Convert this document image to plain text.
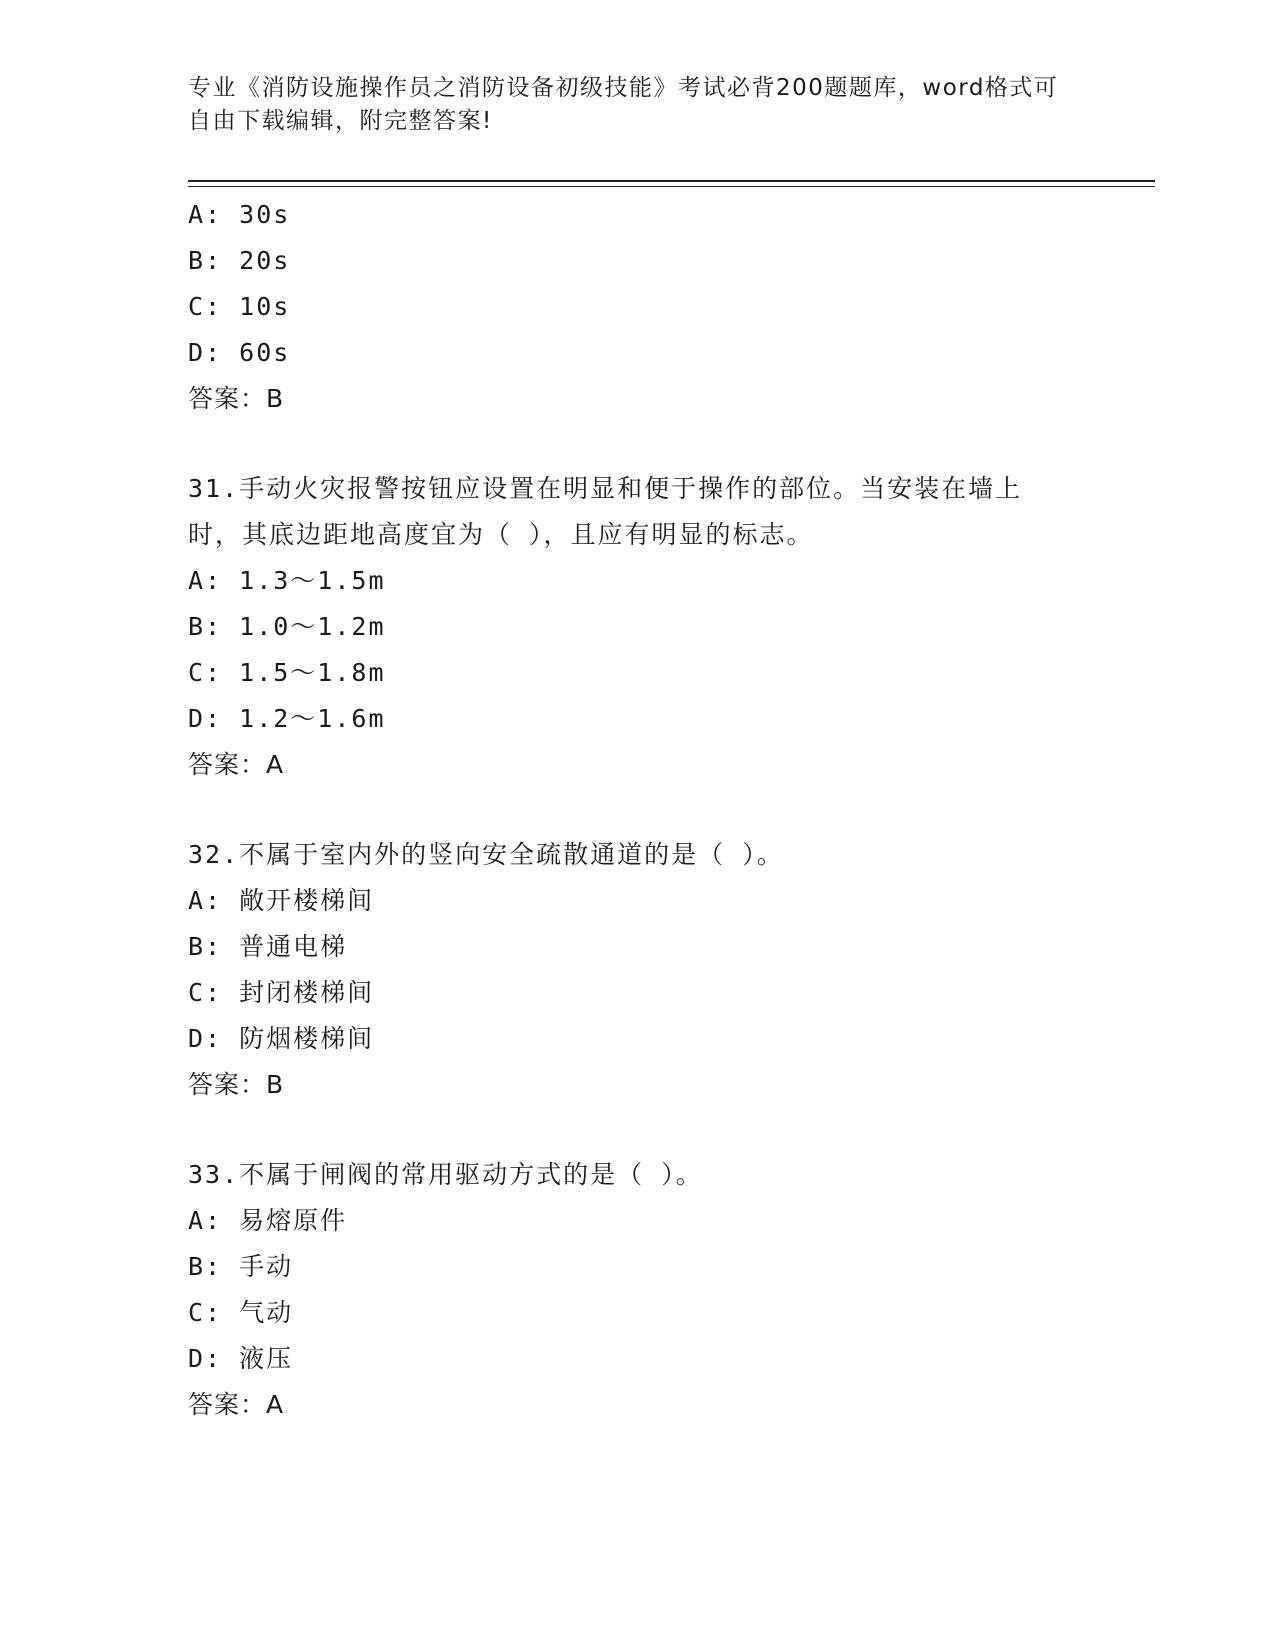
专业《消防设施操作员之消防设备初级技能》考试必背200题题库，word格式可
自由下载编辑，附完整答案!
A: 30s
B: 20s
C: 10s
D: 60s
答案：B
31.手动火灾报警按钮应设置在明显和便于操作的部位。当安装在墙上
时，其底边距地高度宜为（ ），且应有明显的标志。
A: 1.3～1.5m
B: 1.0～1.2m
C: 1.5～1.8m
D: 1.2～1.6m
答案：A
32.不属于室内外的竖向安全疏散通道的是（ ）。
A: 敞开楼梯间
B: 普通电梯
C: 封闭楼梯间
D: 防烟楼梯间
答案：B
33.不属于闸阀的常用驱动方式的是（ ）。
A: 易熔原件
B: 手动
C: 气动
D: 液压
答案：A
